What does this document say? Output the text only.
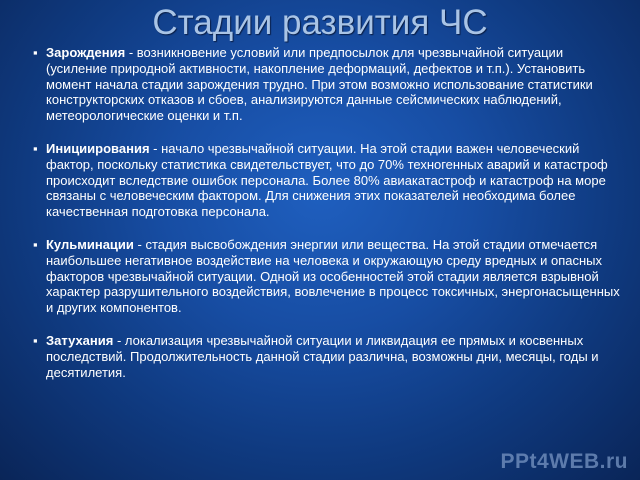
Стадии развития ЧС
▪ Зарождения - возникновение условий или предпосылок для чрезвычайной ситуации (усиление природной активности, накопление деформаций, дефектов и т.п.). Установить момент начала стадии зарождения трудно. При этом возможно использование статистики конструкторских отказов и сбоев, анализируются данные сейсмических наблюдений, метеорологические оценки и т.п.
▪ Инициирования - начало чрезвычайной ситуации. На этой стадии важен человеческий фактор, поскольку статистика свидетельствует, что до 70% техногенных аварий и катастроф происходит вследствие ошибок персонала. Более 80% авиакатастроф и катастроф на море связаны с человеческим фактором. Для снижения этих показателей необходима более качественная подготовка персонала.
▪ Кульминации - стадия высвобождения энергии или вещества. На этой стадии отмечается наибольшее негативное воздействие на человека и окружающую среду вредных и опасных факторов чрезвычайной ситуации. Одной из особенностей этой стадии является взрывной характер разрушительного воздействия, вовлечение в процесс токсичных, энергонасыщенных и других компонентов.
▪ Затухания - локализация чрезвычайной ситуации и ликвидация ее прямых и косвенных последствий. Продолжительность данной стадии различна, возможны дни, месяцы, годы и десятилетия.
PPt4WEB.ru
